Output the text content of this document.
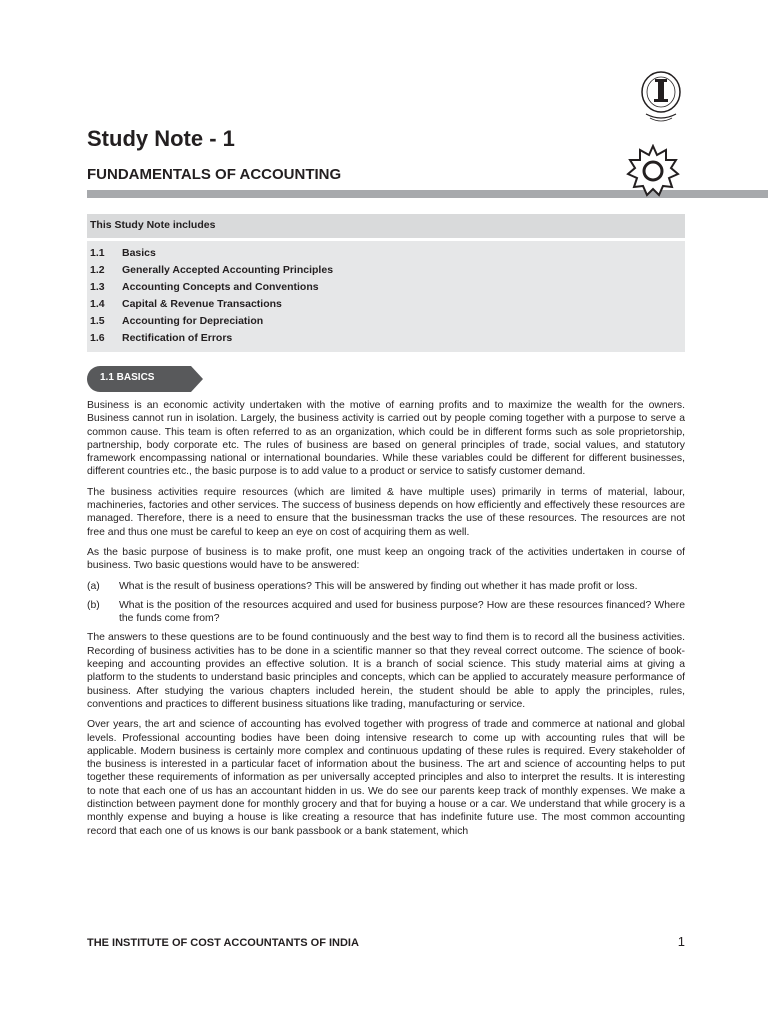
Study Note - 1
FUNDAMENTALS OF ACCOUNTING
This Study Note includes
1.1	Basics
1.2	Generally Accepted Accounting Principles
1.3	Accounting Concepts and Conventions
1.4	Capital & Revenue Transactions
1.5	Accounting for Depreciation
1.6	Rectification of Errors
1.1 BASICS

Business is an economic activity undertaken with the motive of earning profits and to maximize the wealth for the owners. Business cannot run in isolation. Largely, the business activity is carried out by people coming together with a purpose to serve a common cause. This team is often referred to as an organization, which could be in different forms such as sole proprietorship, partnership, body corporate etc. The rules of business are based on general principles of trade, social values, and statutory framework encompassing national or international boundaries. While these variables could be different for different businesses, different countries etc., the basic purpose is to add value to a product or service to satisfy customer demand.

The business activities require resources (which are limited & have multiple uses) primarily in terms of material, labour, machineries, factories and other services. The success of business depends on how efficiently and effectively these resources are managed. Therefore, there is a need to ensure that the businessman tracks the use of these resources. The resources are not free and thus one must be careful to keep an eye on cost of acquiring them as well.

As the basic purpose of business is to make profit, one must keep an ongoing track of the activities undertaken in course of business. Two basic questions would have to be answered:

(a)	What is the result of business operations? This will be answered by finding out whether it has made profit or loss.
(b)	What is the position of the resources acquired and used for business purpose? How are these resources financed? Where the funds come from?

The answers to these questions are to be found continuously and the best way to find them is to record all the business activities. Recording of business activities has to be done in a scientific manner so that they reveal correct outcome. The science of book-keeping and accounting provides an effective solution. It is a branch of social science. This study material aims at giving a platform to the students to understand basic principles and concepts, which can be applied to accurately measure performance of business. After studying the various chapters included herein, the student should be able to apply the principles, rules, conventions and practices to different business situations like trading, manufacturing or service.

Over years, the art and science of accounting has evolved together with progress of trade and commerce at national and global levels. Professional accounting bodies have been doing intensive research to come up with accounting rules that will be applicable. Modern business is certainly more complex and continuous updating of these rules is required. Every stakeholder of the business is interested in a particular facet of information about the business. The art and science of accounting helps to put together these requirements of information as per universally accepted principles and also to interpret the results. It is interesting to note that each one of us has an accountant hidden in us. We do see our parents keep track of monthly expenses. We make a distinction between payment done for monthly grocery and that for buying a house or a car. We understand that while grocery is a monthly expense and buying a house is like creating a resource that has indefinite future use. The most common accounting record that each one of us knows is our bank passbook or a bank statement, which

THE INSTITUTE OF COST ACCOUNTANTS OF INDIA	1
